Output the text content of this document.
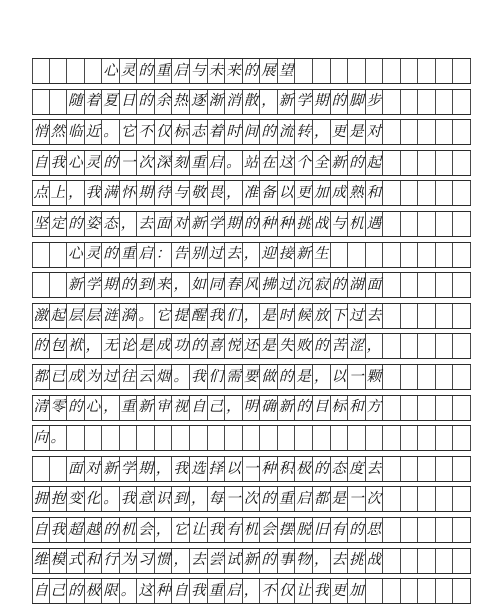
心 灵 的 重 启 与 未 来 的 展 望
随 着 夏 日 的 余 热 逐 渐 消 散 ， 新 学 期 的 脚 步
悄 然 临 近 。 它 不 仅 标 志 着 时 间 的 流 转 ， 更 是 对
自 我 心 灵 的 一 次 深 刻 重 启 。 站 在 这 个 全 新 的 起
点 上 ， 我 满 怀 期 待 与 敬 畏 ， 准 备 以 更 加 成 熟 和
坚 定 的 姿 态 ， 去 面 对 新 学 期 的 种 种 挑 战 与 机 遇
心 灵 的 重 启 ： 告 别 过 去 ， 迎 接 新 生
新 学 期 的 到 来 ， 如 同 春 风 拂 过 沉 寂 的 湖 面
激 起 层 层 涟 漪 。 它 提 醒 我 们 ， 是 时 候 放 下 过 去
的 包 袱 ， 无 论 是 成 功 的 喜 悦 还 是 失 败 的 苦 涩 ，
都 已 成 为 过 往 云 烟 。 我 们 需 要 做 的 是 ， 以 一 颗
清 零 的 心 ， 重 新 审 视 自 己 ， 明 确 新 的 目 标 和 方
向 。
面 对 新 学 期 ， 我 选 择 以 一 种 积 极 的 态 度 去
拥 抱 变 化 。 我 意 识 到 ， 每 一 次 的 重 启 都 是 一 次
自 我 超 越 的 机 会 ， 它 让 我 有 机 会 摆 脱 旧 有 的 思
维 模 式 和 行 为 习 惯 ， 去 尝 试 新 的 事 物 ， 去 挑 战
自 己 的 极 限 。 这 种 自 我 重 启 ， 不 仅 让 我 更 加
